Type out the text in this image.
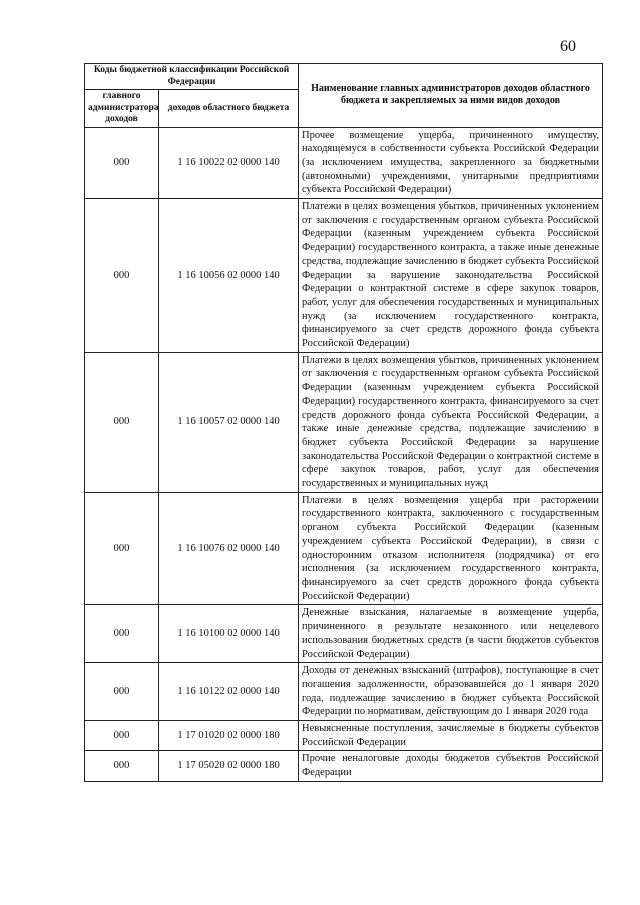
60
Коды бюджетной классификации Российской Федерации		Наименование главных администраторов доходов областного бюджета и закрепляемых за ними видов доходов
главного администратора доходов	доходов областного бюджета	
000	1 16 10022 02 0000 140	Прочее возмещение ущерба, причиненного имуществу, находящемуся в собственности субъекта Российской Федерации (за исключением имущества, закрепленного за бюджетными (автономными) учреждениями, унитарными предприятиями субъекта Российской Федерации)
000	1 16 10056 02 0000 140	Платежи в целях возмещения убытков, причиненных уклонением от заключения с государственным органом субъекта Российской Федерации (казенным учреждением субъекта Российской Федерации) государственного контракта, а также иные денежные средства, подлежащие зачислению в бюджет субъекта Российской Федерации за нарушение законодательства Российской Федерации о контрактной системе в сфере закупок товаров, работ, услуг для обеспечения государственных и муниципальных нужд (за исключением государственного контракта, финансируемого за счет средств дорожного фонда субъекта Российской Федерации)
000	1 16 10057 02 0000 140	Платежи в целях возмещения убытков, причиненных уклонением от заключения с государственным органом субъекта Российской Федерации (казенным учреждением субъекта Российской Федерации) государственного контракта, финансируемого за счет средств дорожного фонда субъекта Российской Федерации, а также иные денежные средства, подлежащие зачислению в бюджет субъекта Российской Федерации за нарушение законодательства Российской Федерации о контрактной системе в сфере закупок товаров, работ, услуг для обеспечения государственных и муниципальных нужд
000	1 16 10076 02 0000 140	Платежи в целях возмещения ущерба при расторжении государственного контракта, заключенного с государственным органом субъекта Российской Федерации (казенным учреждением субъекта Российской Федерации), в связи с односторонним отказом исполнителя (подрядчика) от его исполнения (за исключением государственного контракта, финансируемого за счет средств дорожного фонда субъекта Российской Федерации)
000	1 16 10100 02 0000 140	Денежные взыскания, налагаемые в возмещение ущерба, причиненного в результате незаконного или нецелевого использования бюджетных средств (в части бюджетов субъектов Российской Федерации)
000	1 16 10122 02 0000 140	Доходы от денежных взысканий (штрафов), поступающие в счет погашения задолженности, образовавшейся до 1 января 2020 года, подлежащие зачислению в бюджет субъекта Российской Федерации по нормативам, действующим до 1 января 2020 года
000	1 17 01020 02 0000 180	Невыясненные поступления, зачисляемые в бюджеты субъектов Российской Федерации
000	1 17 05020 02 0000 180	Прочие неналоговые доходы бюджетов субъектов Российской Федерации
